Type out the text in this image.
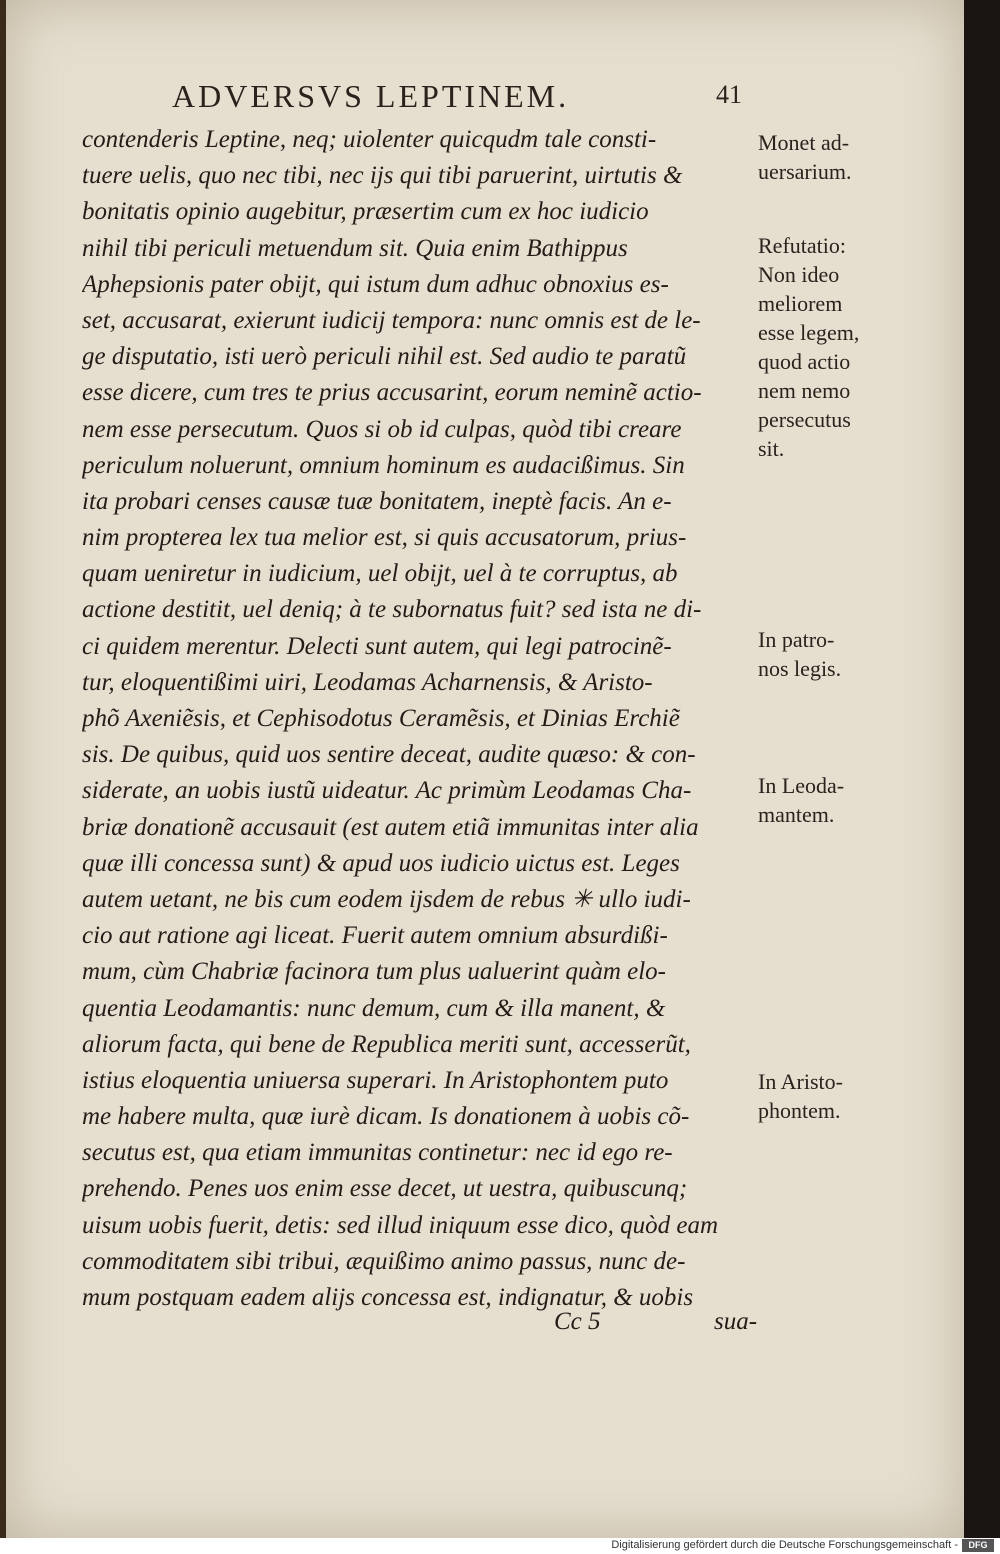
ADVERSVS LEPTINEM.	41
contenderis Leptine, neq; uiolenter quicqudm tale consti-
tuere uelis, quo nec tibi, nec ijs qui tibi paruerint, uirtutis &
bonitatis opinio augebitur, præsertim cum ex hoc iudicio
nihil tibi periculi metuendum sit. Quia enim Bathippus
Aphepsionis pater obijt, qui istum dum adhuc obnoxius es-
set, accusarat, exierunt iudicij tempora: nunc omnis est de le-
ge disputatio, isti uerò periculi nihil est. Sed audio te paratũ
esse dicere, cum tres te prius accusarint, eorum neminẽ actio-
nem esse persecutum. Quos si ob id culpas, quòd tibi creare
periculum noluerunt, omnium hominum es audacißimus. Sin
ita probari censes causæ tuæ bonitatem, ineptè facis. An e-
nim propterea lex tua melior est, si quis accusatorum, prius-
quam ueniretur in iudicium, uel obijt, uel à te corruptus, ab
actione destitit, uel deniq; à te subornatus fuit? sed ista ne di-
ci quidem merentur. Delecti sunt autem, qui legi patrocinẽ-
tur, eloquentißimi uiri, Leodamas Acharnensis, & Aristo-
phõ Axeniẽsis, et Cephisodotus Ceramẽsis, et Dinias Erchiẽ
sis. De quibus, quid uos sentire deceat, audite quæso: & con-
siderate, an uobis iustũ uideatur. Ac primùm Leodamas Cha-
briæ donationẽ accusauit (est autem etiã immunitas inter alia
quæ illi concessa sunt) & apud uos iudicio uictus est. Leges
autem uetant, ne bis cum eodem ijsdem de rebus ✳ ullo iudi-
cio aut ratione agi liceat. Fuerit autem omnium absurdißi-
mum, cùm Chabriæ facinora tum plus ualuerint quàm elo-
quentia Leodamantis: nunc demum, cum & illa manent, &
aliorum facta, qui bene de Republica meriti sunt, accesserũt,
istius eloquentia uniuersa superari. In Aristophontem puto
me habere multa, quæ iurè dicam. Is donationem à uobis cõ-
secutus est, qua etiam immunitas continetur: nec id ego re-
prehendo. Penes uos enim esse decet, ut uestra, quibuscunq;
uisum uobis fuerit, detis: sed illud iniquum esse dico, quòd eam
commoditatem sibi tribui, æquißimo animo passus, nunc de-
mum postquam eadem alijs concessa est, indignatur, & uobis
Cc 5	sua-
Monet ad-
uersarium.
Refutatio:
Non ideo
meliorem
esse legem,
quod actio
nem nemo
persecutus
sit.
In patro-
nos legis.
In Leoda-
mantem.
In Aristo-
phontem.
Digitalisierung gefördert durch die Deutsche Forschungsgemeinschaft -	DFG
